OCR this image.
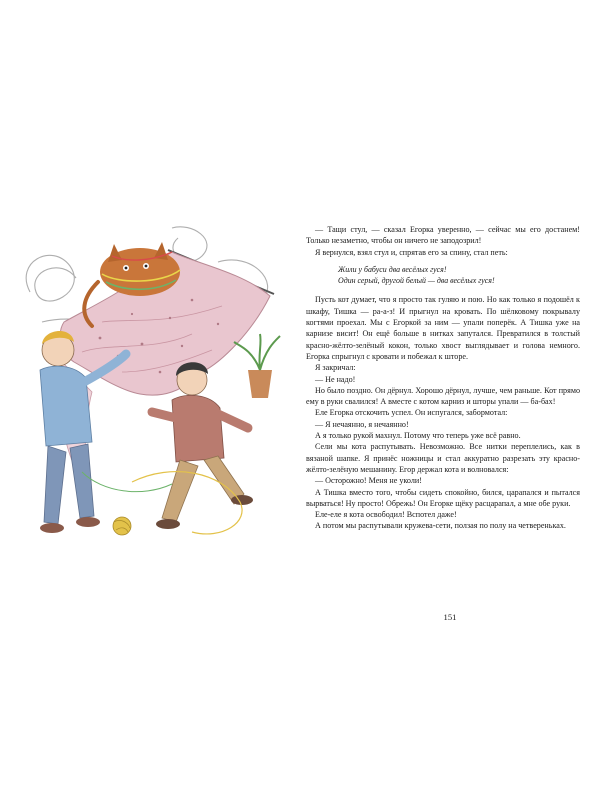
— Тащи стул, — сказал Егорка уверенно, — сейчас мы его достанем! Только незаметно, чтобы он ничего не заподозрил!

Я вернулся, взял стул и, спрятав его за спину, стал петь:

Жили у бабуси два весёлых гуся!
Один серый, другой белый — два весёлых гуся!

Пусть кот думает, что я просто так гуляю и пою. Но как только я подошёл к шкафу, Тишка — ра-а-з! И прыгнул на кровать. По шёлковому покрывалу когтями проехал. Мы с Егоркой за ним — упали поперёк. А Тишка уже на карнизе висит! Он ещё больше в нитках запутался. Превратился в толстый красно-жёлто-зелёный кокон, только хвост выглядывает и голова немного. Егорка спрыгнул с кровати и побежал к шторе.

Я закричал:

— Не надо!

Но было поздно. Он дёрнул. Хорошо дёрнул, лучше, чем раньше. Кот прямо ему в руки свалился! А вместе с котом карниз и шторы упали — ба-бах!

Еле Егорка отскочить успел. Он испугался, забормотал:

— Я нечаянно, я нечаянно!

А я только рукой махнул. Потому что теперь уже всё равно.

Сели мы кота распутывать. Невозможно. Все нитки переплелись, как в вязаной шапке. Я принёс ножницы и стал аккуратно разрезать эту красно-жёлто-зелёную мешанину. Егор держал кота и волновался:

— Осторожно! Меня не уколи!

А Тишка вместо того, чтобы сидеть спокойно, бился, царапался и пытался вырваться! Ну просто! Обрежь! Он Егорке щёку расцарапал, а мне обе руки.

Еле-еле я кота освободил! Вспотел даже!

А потом мы распутывали кружева-сети, ползая по полу на четвереньках.

151
